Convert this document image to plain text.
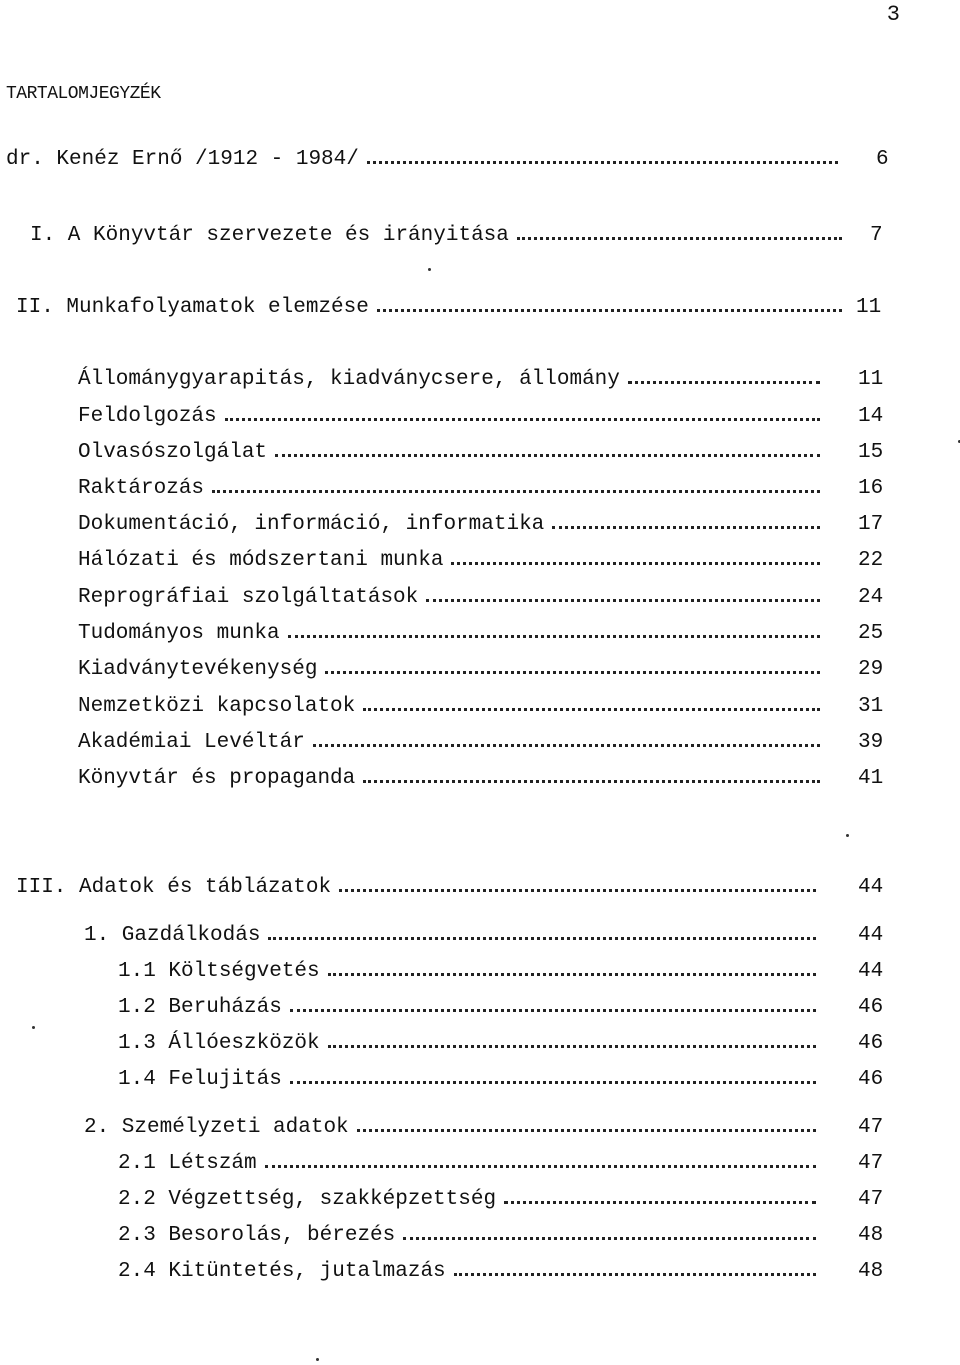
3
TARTALOMJEGYZÉK
dr. Kenéz Ernő /1912 - 1984/	6
I. A Könyvtár szervezete és irányitása	7
II. Munkafolyamatok elemzése	11
Állománygyarapitás, kiadványcsere, állomány	11
Feldolgozás	14
Olvasószolgálat	15
Raktározás	16
Dokumentáció, információ, informatika	17
Hálózati és módszertani munka	22
Reprográfiai szolgáltatások	24
Tudományos munka	25
Kiadványtevékenység	29
Nemzetközi kapcsolatok	31
Akadémiai Levéltár	39
Könyvtár és propaganda	41
III. Adatok és táblázatok	44
1. Gazdálkodás	44
1.1 Költségvetés	44
1.2 Beruházás	46
1.3 Állóeszközök	46
1.4 Felujitás	46
2. Személyzeti adatok	47
2.1 Létszám	47
2.2 Végzettség, szakképzettség	47
2.3 Besorolás, bérezés	48
2.4 Kitüntetés, jutalmazás	48
